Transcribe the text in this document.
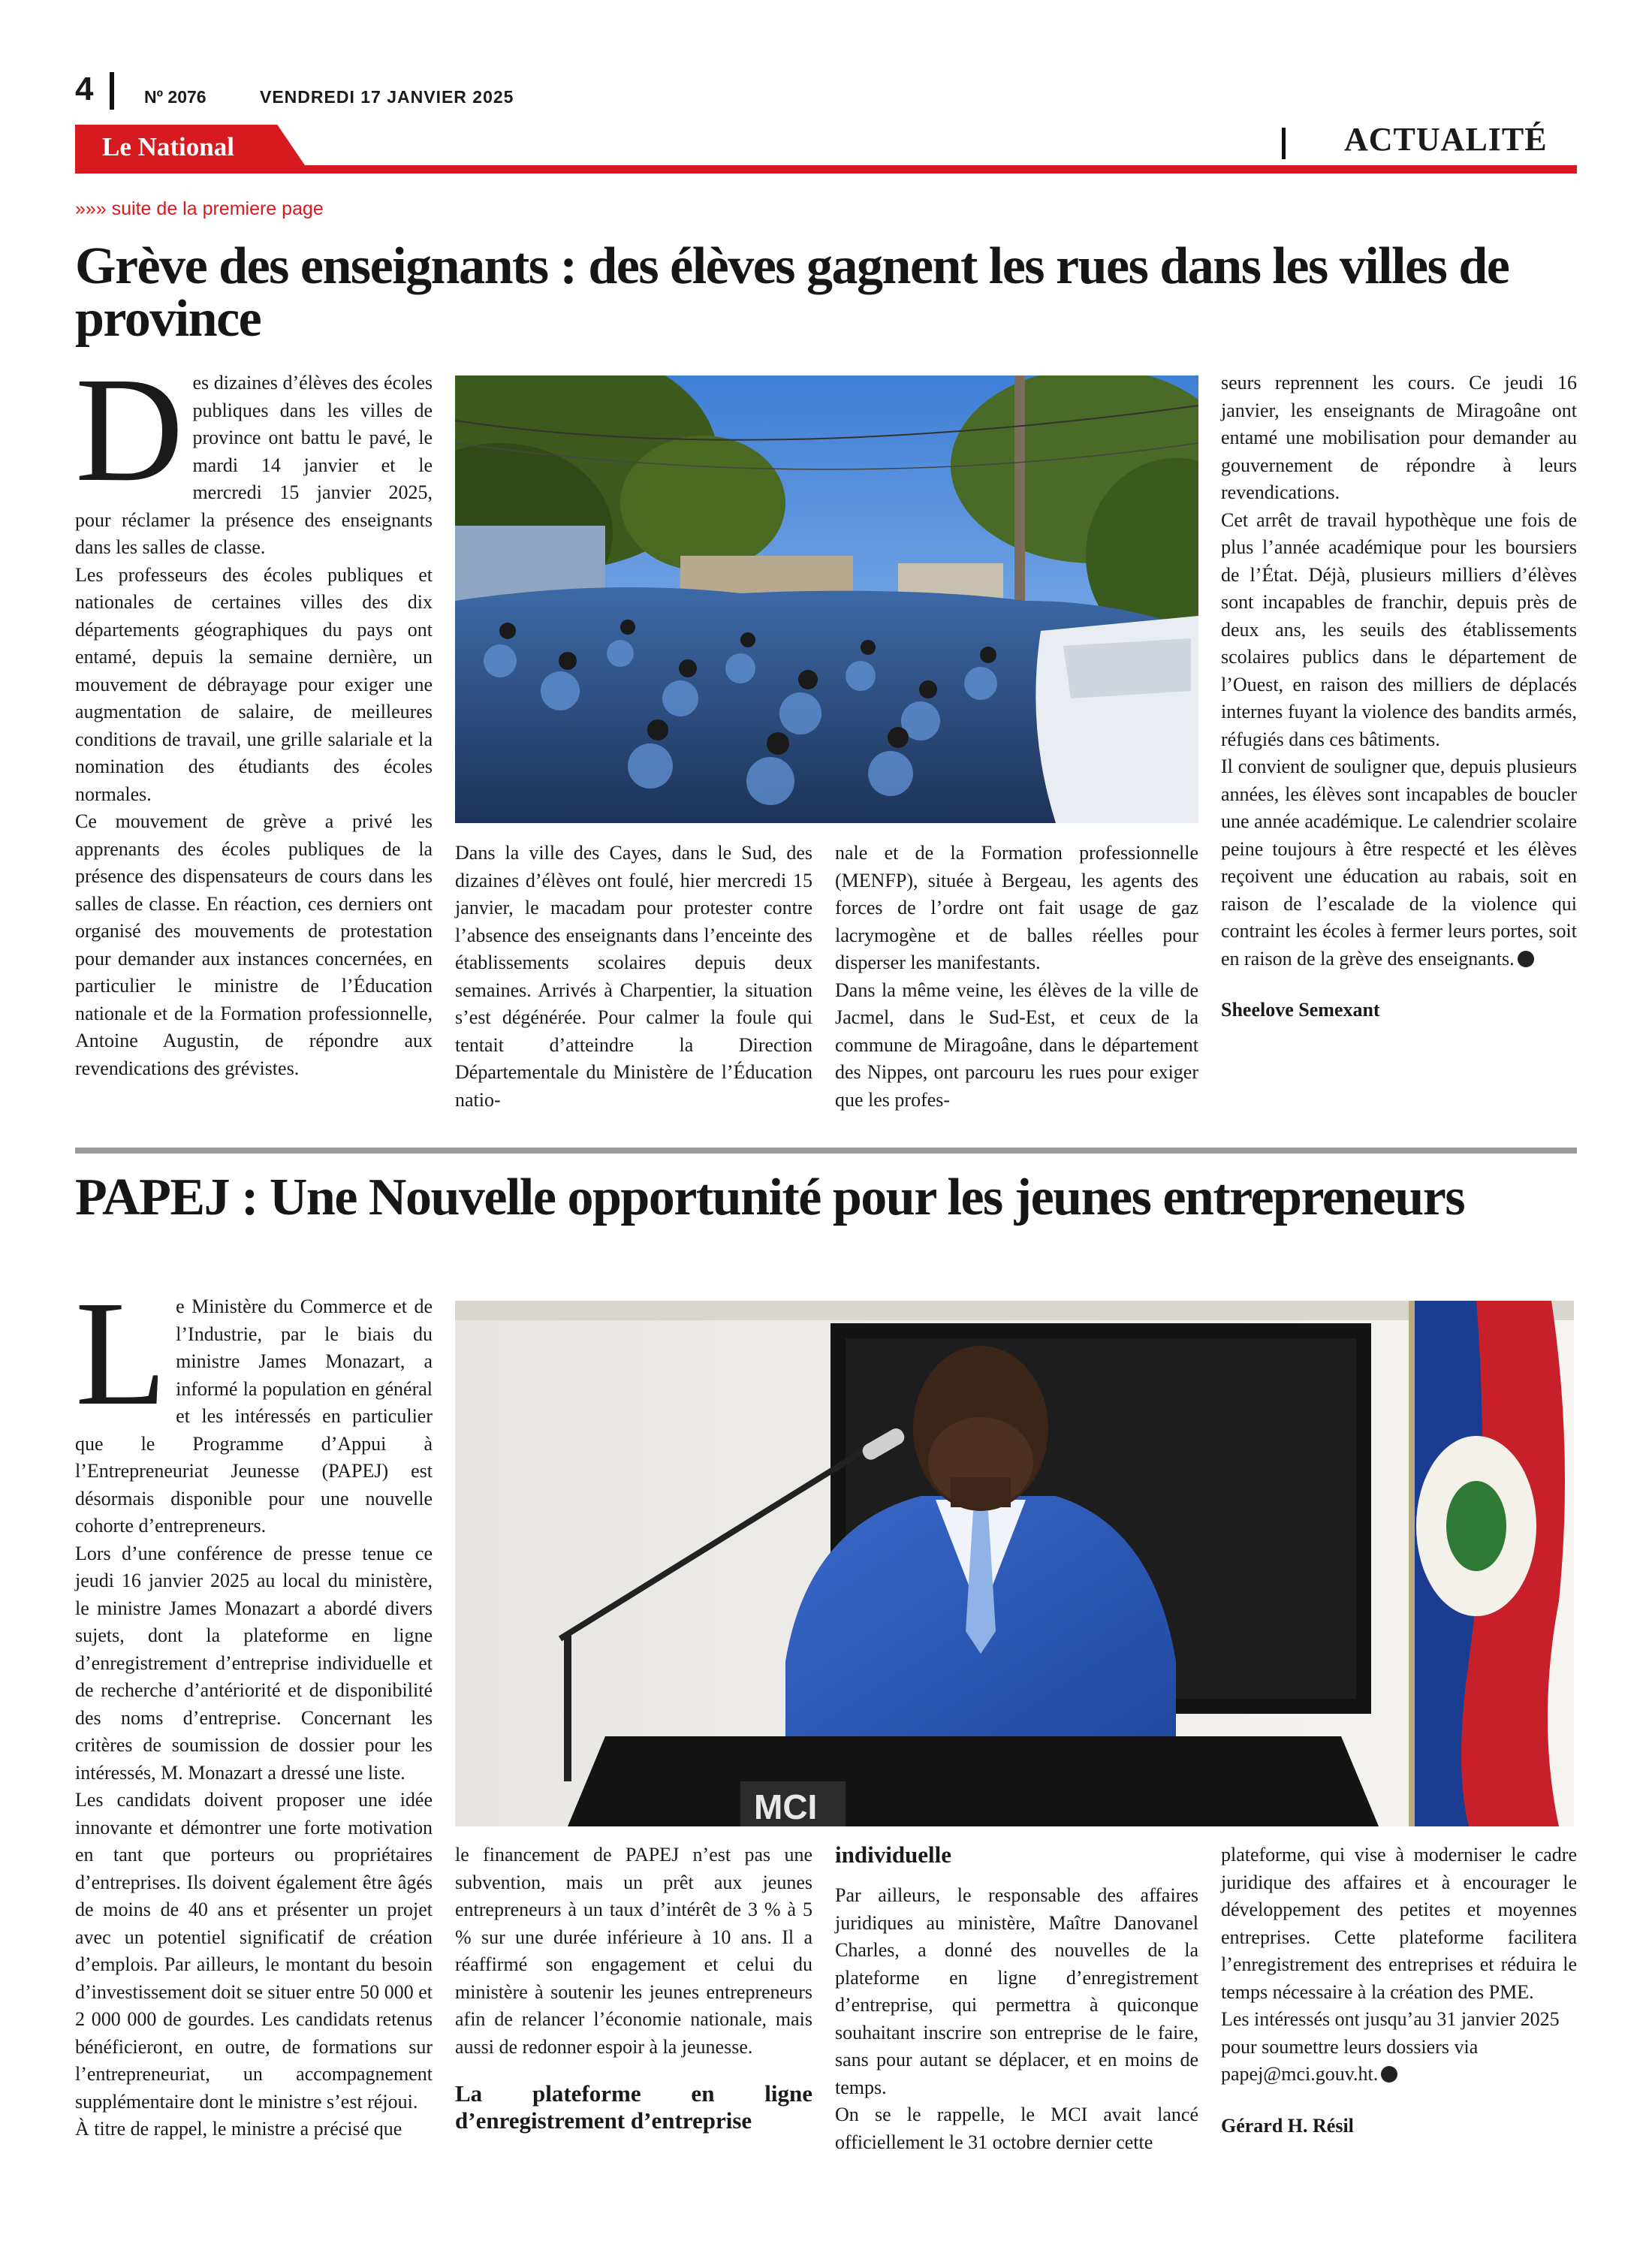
4	Nº 2076	VENDREDI 17 JANVIER 2025
Le National	ACTUALITÉ
»»» suite de la premiere page
Grève des enseignants : des élèves gagnent les rues dans les villes de province
D es dizaines d’élèves des écoles publiques dans les villes de province ont battu le pavé, le mardi 14 janvier et le mercredi 15 janvier 2025, pour réclamer la présence des enseignants dans les salles de classe.

Les professeurs des écoles publiques et nationales de certaines villes des dix départements géographiques du pays ont entamé, depuis la semaine dernière, un mouvement de débrayage pour exiger une augmentation de salaire, de meilleures conditions de travail, une grille salariale et la nomination des étudiants des écoles normales.

Ce mouvement de grève a privé les apprenants des écoles publiques de la présence des dispensateurs de cours dans les salles de classe. En réaction, ces derniers ont organisé des mouvements de protestation pour demander aux instances concernées, en particulier le ministre de l’Éducation nationale et de la Formation professionnelle, Antoine Augustin, de répondre aux revendications des grévistes.

Dans la ville des Cayes, dans le Sud, des dizaines d’élèves ont foulé, hier mercredi 15 janvier, le macadam pour protester contre l’absence des enseignants dans l’enceinte des établissements scolaires depuis deux semaines. Arrivés à Charpentier, la situation s’est dégénérée. Pour calmer la foule qui tentait d’atteindre la Direction Départementale du Ministère de l’Éducation natio-

nale et de la Formation professionnelle (MENFP), située à Bergeau, les agents des forces de l’ordre ont fait usage de gaz lacrymogène et de balles réelles pour disperser les manifestants.

Dans la même veine, les élèves de la ville de Jacmel, dans le Sud-Est, et ceux de la commune de Miragoâne, dans le département des Nippes, ont parcouru les rues pour exiger que les profes-

seurs reprennent les cours. Ce jeudi 16 janvier, les enseignants de Miragoâne ont entamé une mobilisation pour demander au gouvernement de répondre à leurs revendications.

Cet arrêt de travail hypothèque une fois de plus l’année académique pour les boursiers de l’État. Déjà, plusieurs milliers d’élèves sont incapables de franchir, depuis près de deux ans, les seuils des établissements scolaires publics dans le département de l’Ouest, en raison des milliers de déplacés internes fuyant la violence des bandits armés, réfugiés dans ces bâtiments.

Il convient de souligner que, depuis plusieurs années, les élèves sont incapables de boucler une année académique. Le calendrier scolaire peine toujours à être respecté et les élèves reçoivent une éducation au rabais, soit en raison de l’escalade de la violence qui contraint les écoles à fermer leurs portes, soit en raison de la grève des enseignants.

Sheelove Semexant
PAPEJ : Une Nouvelle opportunité pour les jeunes entrepreneurs
L e Ministère du Commerce et de l’Industrie, par le biais du ministre James Monazart, a informé la population en général et les intéressés en particulier que le Programme d’Appui à l’Entrepreneuriat Jeunesse (PAPEJ) est désormais disponible pour une nouvelle cohorte d’entrepreneurs.

Lors d’une conférence de presse tenue ce jeudi 16 janvier 2025 au local du ministère, le ministre James Monazart a abordé divers sujets, dont la plateforme en ligne d’enregistrement d’entreprise individuelle et de recherche d’antériorité et de disponibilité des noms d’entreprise. Concernant les critères de soumission de dossier pour les intéressés, M. Monazart a dressé une liste.

Les candidats doivent proposer une idée innovante et démontrer une forte motivation en tant que porteurs ou propriétaires d’entreprises. Ils doivent également être âgés de moins de 40 ans et présenter un projet avec un potentiel significatif de création d’emplois. Par ailleurs, le montant du besoin d’investissement doit se situer entre 50 000 et 2 000 000 de gourdes. Les candidats retenus bénéficieront, en outre, de formations sur l’entrepreneuriat, un accompagnement supplémentaire dont le ministre s’est réjoui.

À titre de rappel, le ministre a précisé que

MCI

le financement de PAPEJ n’est pas une subvention, mais un prêt aux jeunes entrepreneurs à un taux d’intérêt de 3 % à 5 % sur une durée inférieure à 10 ans. Il a réaffirmé son engagement et celui du ministère à soutenir les jeunes entrepreneurs afin de relancer l’économie nationale, mais aussi de redonner espoir à la jeunesse.

La plateforme en ligne d’enregistrement d’entreprise
individuelle

Par ailleurs, le responsable des affaires juridiques au ministère, Maître Danovanel Charles, a donné des nouvelles de la plateforme en ligne d’enregistrement d’entreprise, qui permettra à quiconque souhaitant inscrire son entreprise de le faire, sans pour autant se déplacer, et en moins de temps.

On se le rappelle, le MCI avait lancé officiellement le 31 octobre dernier cette

plateforme, qui vise à moderniser le cadre juridique des affaires et à encourager le développement des petites et moyennes entreprises. Cette plateforme facilitera l’enregistrement des entreprises et réduira le temps nécessaire à la création des PME.

Les intéressés ont jusqu’au 31 janvier 2025 pour soumettre leurs dossiers via papej@mci.gouv.ht.

Gérard H. Résil
